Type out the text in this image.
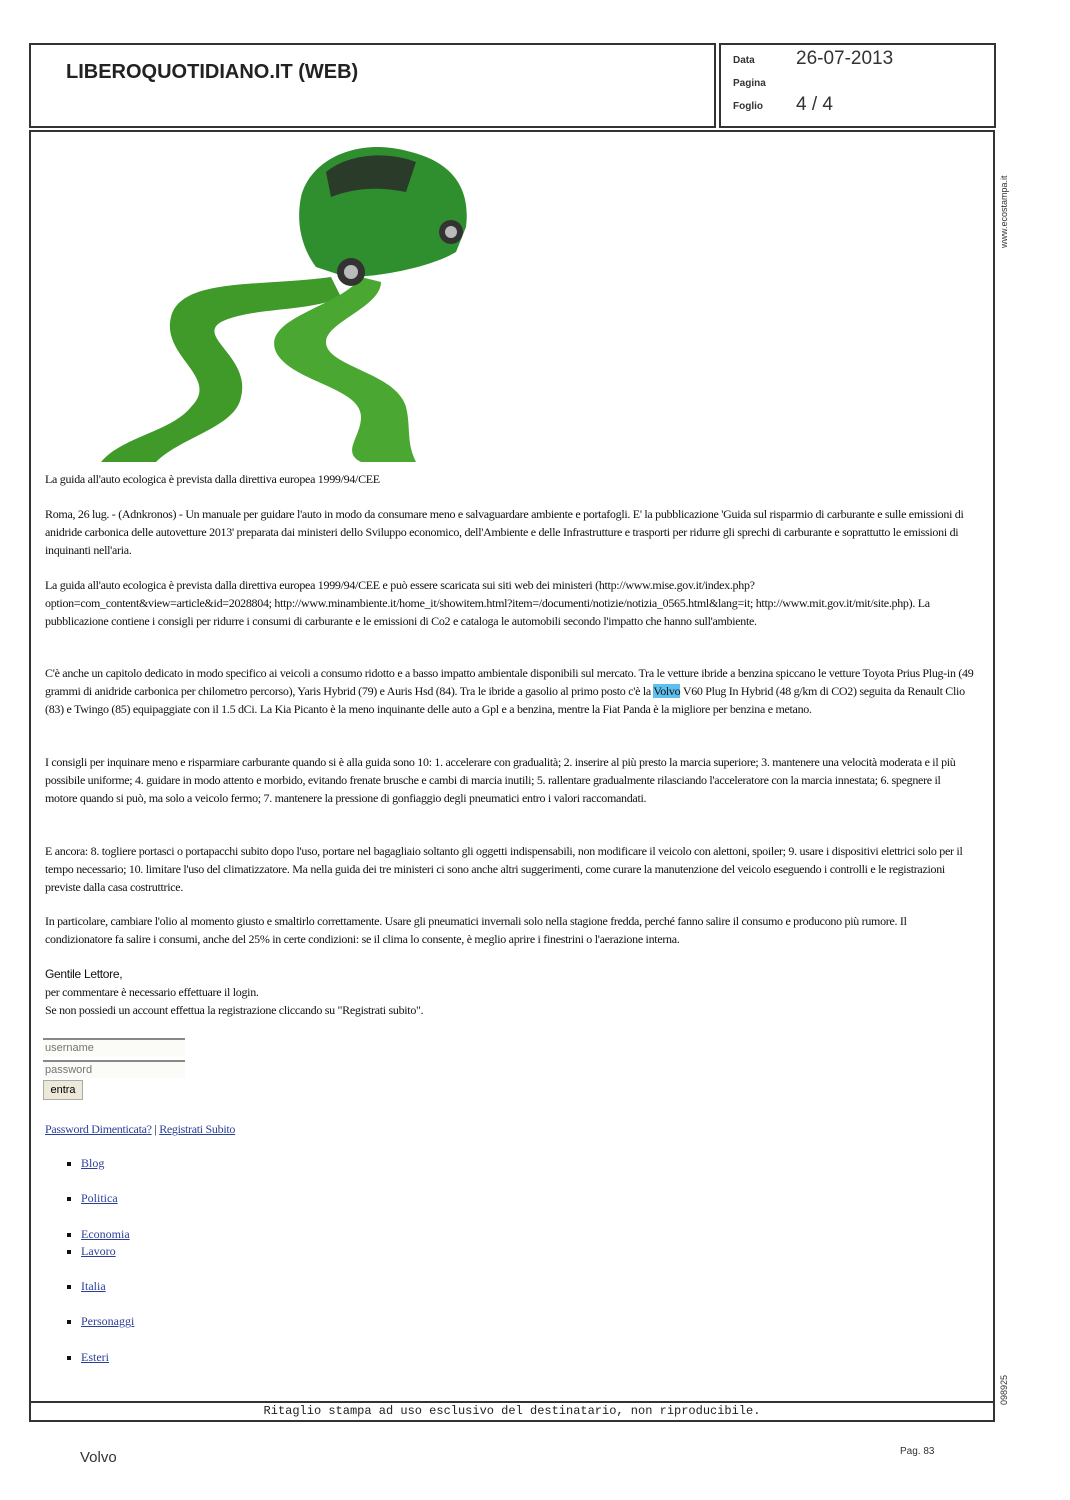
LIBEROQUOTIDIANO.IT (WEB)
Data 26-07-2013
Pagina
Foglio 4 / 4
www.ecostampa.it
098925
La guida all'auto ecologica è prevista dalla direttiva europea 1999/94/CEE
Roma, 26 lug. - (Adnkronos) - Un manuale per guidare l'auto in modo da consumare meno e salvaguardare ambiente e portafogli. E' la pubblicazione 'Guida sul risparmio di carburante e sulle emissioni di anidride carbonica delle autovetture 2013' preparata dai ministeri dello Sviluppo economico, dell'Ambiente e delle Infrastrutture e trasporti per ridurre gli sprechi di carburante e soprattutto le emissioni di inquinanti nell'aria.
La guida all'auto ecologica è prevista dalla direttiva europea 1999/94/CEE e può essere scaricata sui siti web dei ministeri (http://www.mise.gov.it/index.php?option=com_content&view=article&id=2028804; http://www.minambiente.it/home_it/showitem.html?item=/documenti/notizie/notizia_0565.html&lang=it; http://www.mit.gov.it/mit/site.php). La pubblicazione contiene i consigli per ridurre i consumi di carburante e le emissioni di Co2 e cataloga le automobili secondo l'impatto che hanno sull'ambiente.
C'è anche un capitolo dedicato in modo specifico ai veicoli a consumo ridotto e a basso impatto ambientale disponibili sul mercato. Tra le vetture ibride a benzina spiccano le vetture Toyota Prius Plug-in (49 grammi di anidride carbonica per chilometro percorso), Yaris Hybrid (79) e Auris Hsd (84). Tra le ibride a gasolio al primo posto c'è la Volvo V60 Plug In Hybrid (48 g/km di CO2) seguita da Renault Clio (83) e Twingo (85) equipaggiate con il 1.5 dCi. La Kia Picanto è la meno inquinante delle auto a Gpl e a benzina, mentre la Fiat Panda è la migliore per benzina e metano.
I consigli per inquinare meno e risparmiare carburante quando si è alla guida sono 10: 1. accelerare con gradualità; 2. inserire al più presto la marcia superiore; 3. mantenere una velocità moderata e il più possibile uniforme; 4. guidare in modo attento e morbido, evitando frenate brusche e cambi di marcia inutili; 5. rallentare gradualmente rilasciando l'acceleratore con la marcia innestata; 6. spegnere il motore quando si può, ma solo a veicolo fermo; 7. mantenere la pressione di gonfiaggio degli pneumatici entro i valori raccomandati.
E ancora: 8. togliere portasci o portapacchi subito dopo l'uso, portare nel bagagliaio soltanto gli oggetti indispensabili, non modificare il veicolo con alettoni, spoiler; 9. usare i dispositivi elettrici solo per il tempo necessario; 10. limitare l'uso del climatizzatore. Ma nella guida dei tre ministeri ci sono anche altri suggerimenti, come curare la manutenzione del veicolo eseguendo i controlli e le registrazioni previste dalla casa costruttrice.
In particolare, cambiare l'olio al momento giusto e smaltirlo correttamente. Usare gli pneumatici invernali solo nella stagione fredda, perché fanno salire il consumo e producono più rumore. Il condizionatore fa salire i consumi, anche del 25% in certe condizioni: se il clima lo consente, è meglio aprire i finestrini o l'aerazione interna.
Gentile Lettore,
per commentare è necessario effettuare il login.
Se non possiedi un account effettua la registrazione cliccando su "Registrati subito".
username
entra
Password Dimenticata? | Registrati Subito
▪ Blog
▪ Politica
▪ Economia
▪ Lavoro
▪ Italia
▪ Personaggi
▪ Esteri
Ritaglio stampa ad uso esclusivo del destinatario, non riproducibile.
Volvo	Pag. 83
